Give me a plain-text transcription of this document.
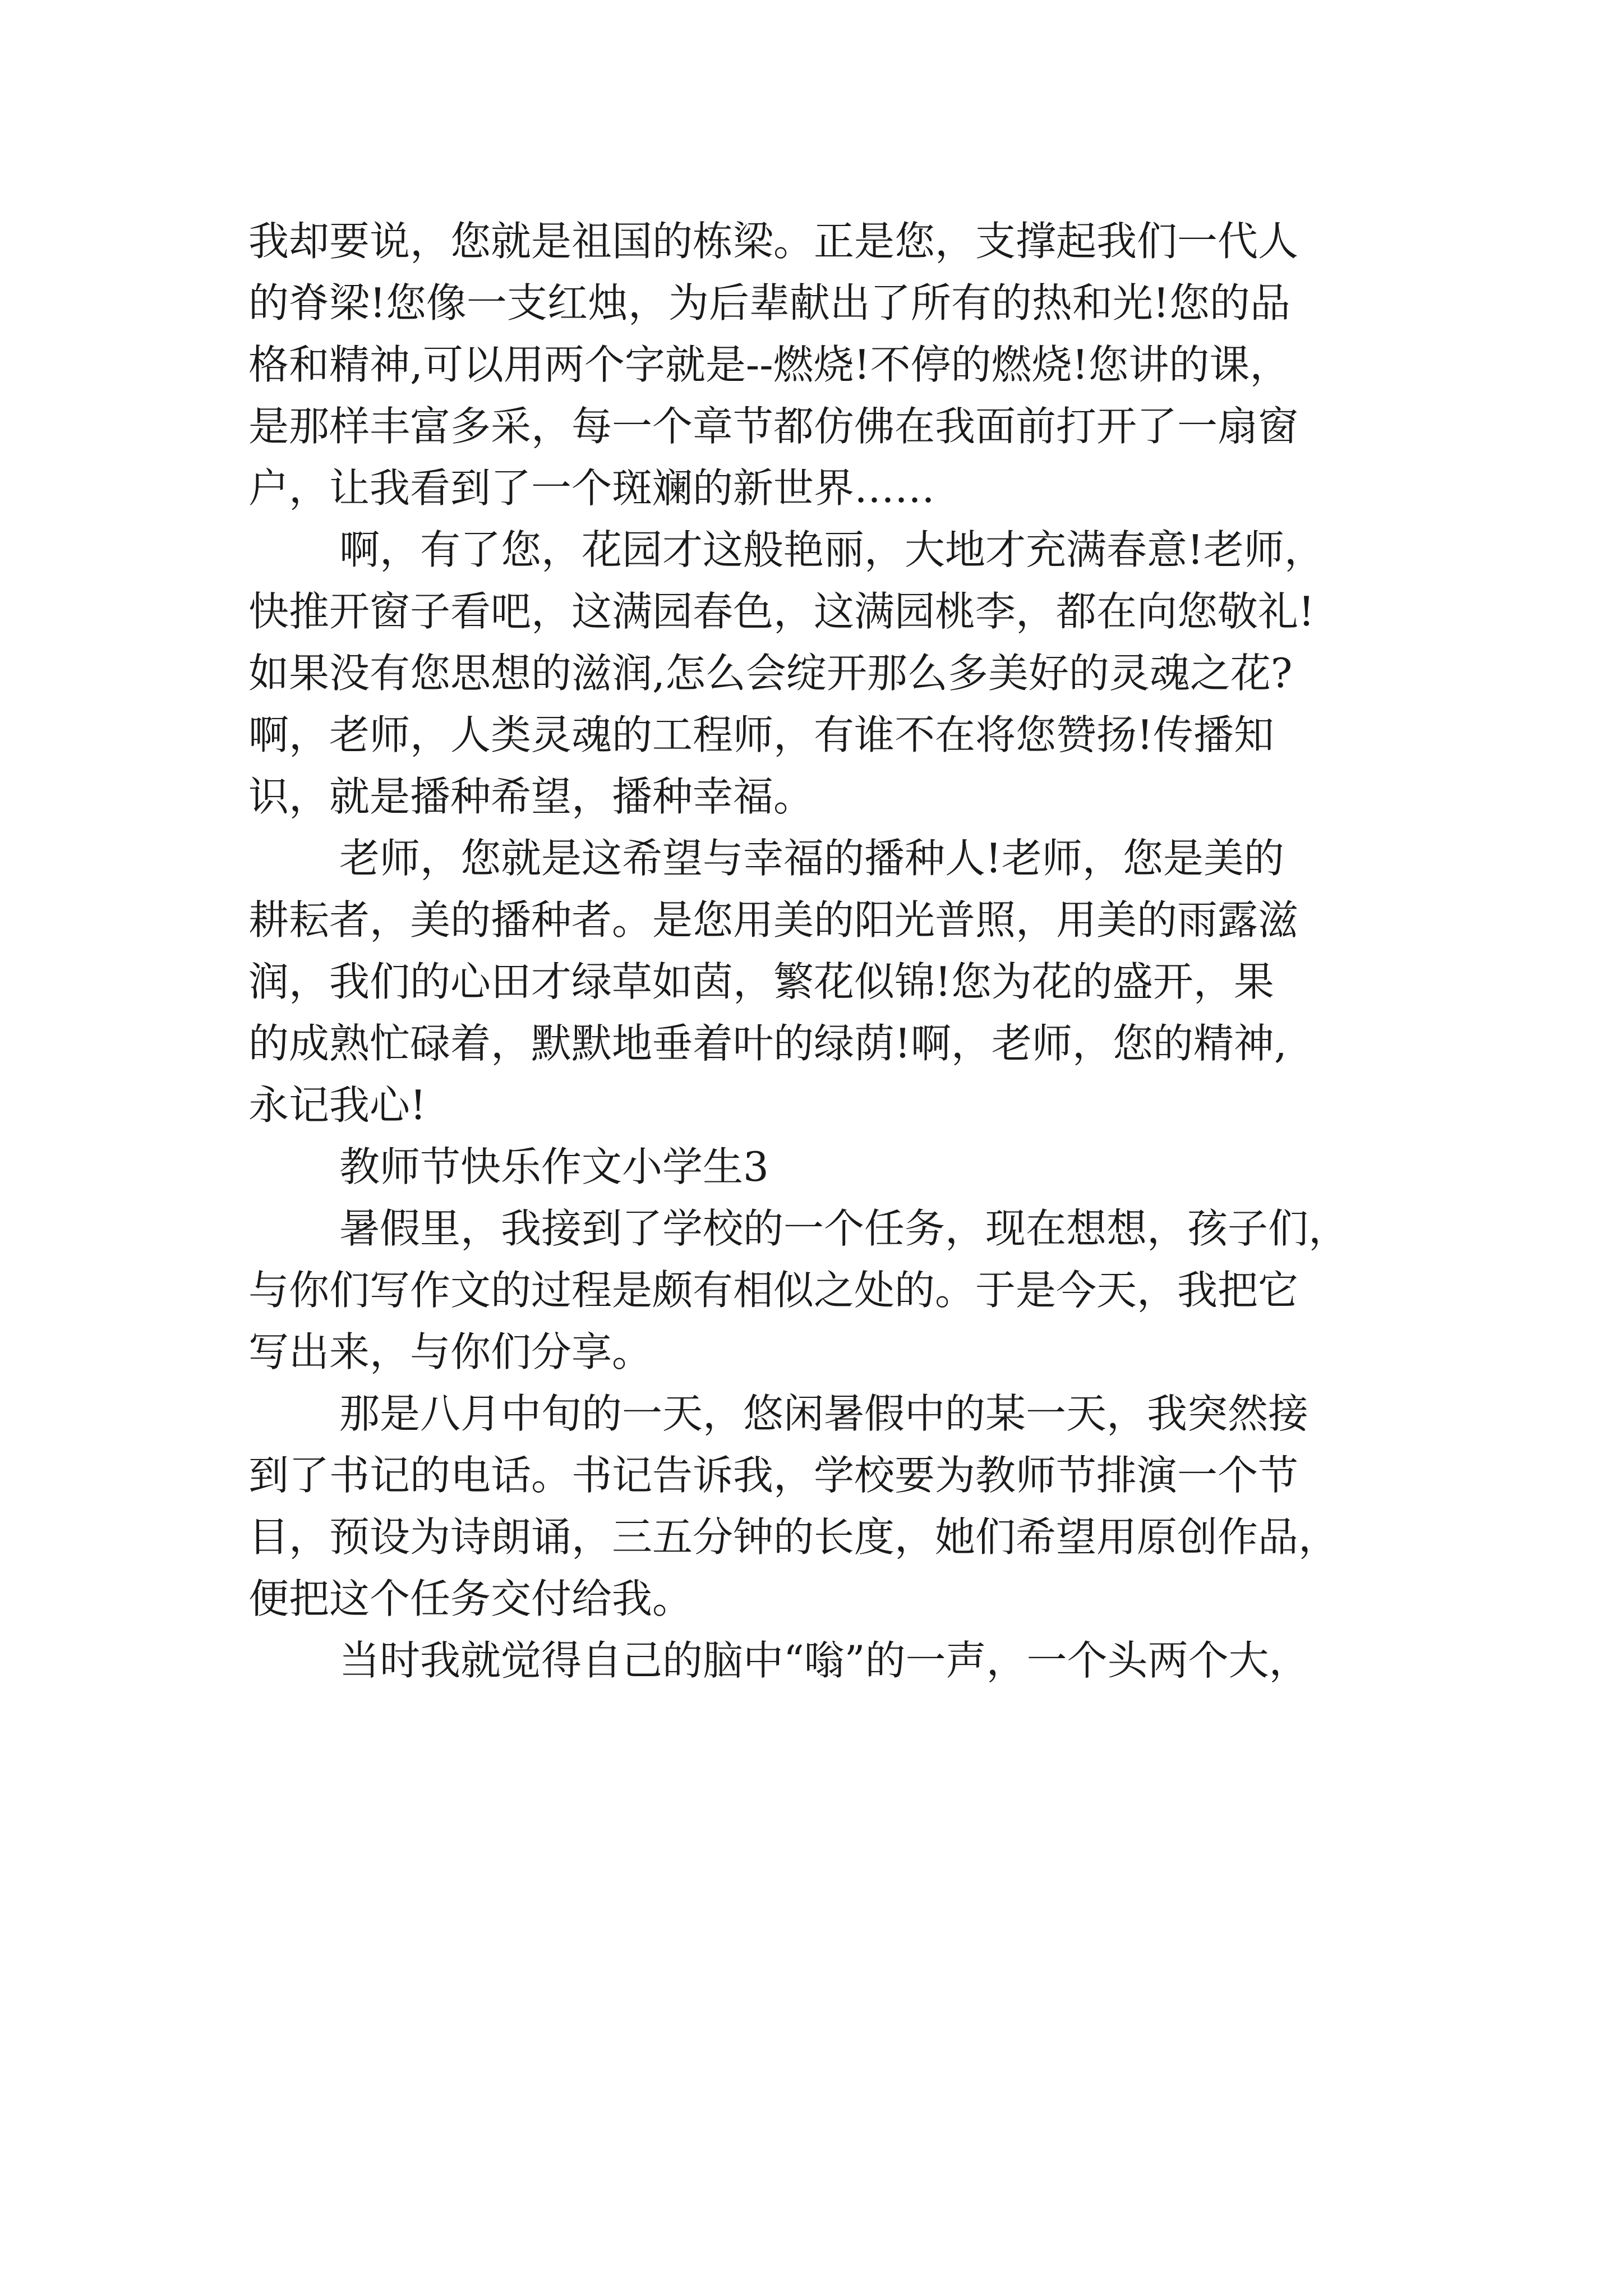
我却要说，您就是祖国的栋梁。正是您，支撑起我们一代人
的脊梁!您像一支红烛，为后辈献出了所有的热和光!您的品
格和精神,可以用两个字就是--燃烧!不停的燃烧!您讲的课，
是那样丰富多采，每一个章节都仿佛在我面前打开了一扇窗
户，让我看到了一个斑斓的新世界……

啊，有了您，花园才这般艳丽，大地才充满春意!老师，
快推开窗子看吧，这满园春色，这满园桃李，都在向您敬礼!
如果没有您思想的滋润,怎么会绽开那么多美好的灵魂之花?
啊，老师，人类灵魂的工程师，有谁不在将您赞扬!传播知
识，就是播种希望，播种幸福。

老师，您就是这希望与幸福的播种人!老师，您是美的
耕耘者，美的播种者。是您用美的阳光普照，用美的雨露滋
润，我们的心田才绿草如茵，繁花似锦!您为花的盛开，果
的成熟忙碌着，默默地垂着叶的绿荫!啊，老师，您的精神,
永记我心!

教师节快乐作文小学生3

暑假里，我接到了学校的一个任务，现在想想，孩子们，
与你们写作文的过程是颇有相似之处的。于是今天，我把它
写出来，与你们分享。

那是八月中旬的一天，悠闲暑假中的某一天，我突然接
到了书记的电话。书记告诉我，学校要为教师节排演一个节
目，预设为诗朗诵，三五分钟的长度，她们希望用原创作品，
便把这个任务交付给我。

当时我就觉得自己的脑中“嗡”的一声，一个头两个大，
